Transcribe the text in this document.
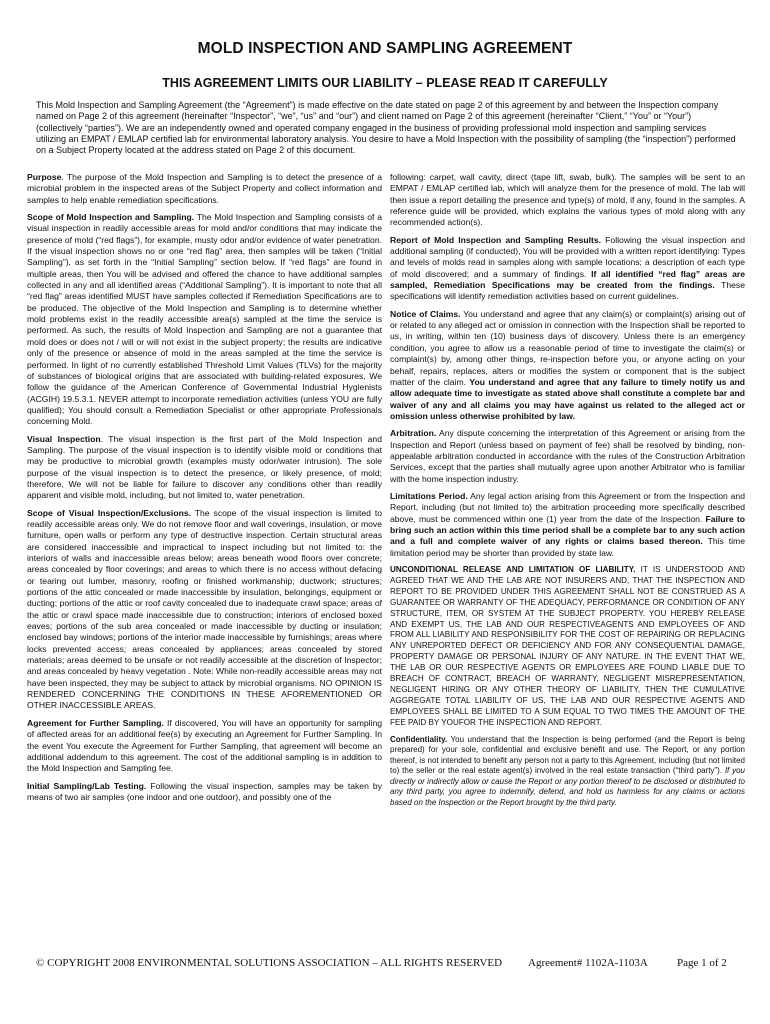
MOLD INSPECTION AND SAMPLING AGREEMENT
THIS AGREEMENT LIMITS OUR LIABILITY – PLEASE READ IT CAREFULLY
This Mold Inspection and Sampling Agreement (the “Agreement”) is made effective on the date stated on page 2 of this agreement by and between the Inspection company named on Page 2 of this agreement (hereinafter “Inspector”, “we”, “us” and “our”) and client named on Page 2 of this agreement (hereinafter “Client,” “You” or “Your”) (collectively “parties”). We are an independently owned and operated company engaged in the business of providing professional mold inspection and sampling services utilizing an EMPAT / EMLAP certified lab for environmental laboratory analysis. You desire to have a Mold Inspection with the possibility of sampling (the “inspection”) performed on a Subject Property located at the address stated on Page 2 of this document.

Purpose. The purpose of the Mold Inspection and Sampling is to detect the presence of a microbial problem in the inspected areas of the Subject Property and collect information and samples to help enable remediation specifications.

Scope of Mold Inspection and Sampling. The Mold Inspection and Sampling consists of a visual inspection in readily accessible areas for mold and/or conditions that may indicate the presence of mold (“red flags”), for example, musty odor and/or evidence of water penetration. If the visual inspection shows no or one “red flag” area, then samples will be taken (“Initial Sampling”), as set forth in the “Initial Sampling” section below. If “red flags” are found in multiple areas, then You will be advised and offered the chance to have additional samples collected in any and all identified areas (“Additional Sampling”). It is important to note that all “red flag” areas identified MUST have samples collected if Remediation Specifications are to be produced. The objective of the Mold Inspection and Sampling is to determine whether mold problems exist in the readily accessible area(s) sampled at the time the service is performed. As such, the results of Mold Inspection and Sampling are not a guarantee that mold does or does not / will or will not exist in the subject property; the results are indicative only of the presence or absence of mold in the areas sampled at the time the service is performed. In light of no currently established Threshold Limit Values (TLVs) for the majority of substances of biological origins that are associated with building-related exposures, We follow the guidance of the American Conference of Governmental Industrial Hygienists (ACGIH) 19.5.3.1. NEVER attempt to incorporate remediation activities (unless YOU are fully qualified); You should consult a Remediation Specialist or other appropriate Professionals concerning Mold.

Visual Inspection. The visual inspection is the first part of the Mold Inspection and Sampling. The purpose of the visual inspection is to identify visible mold or conditions that may be productive to microbial growth (examples musty odor/water intrusion). The sole purpose of the visual inspection is to detect the presence, or likely presence, of mold; therefore, We will not be liable for failure to discover any conditions other than readily apparent and visible mold, including, but not limited to, water penetration.

Scope of Visual Inspection/Exclusions. The scope of the visual inspection is limited to readily accessible areas only. We do not remove floor and wall coverings, insulation, or move furniture, open walls or perform any type of destructive inspection. Certain structural areas are considered inaccessible and impractical to inspect including but not limited to: the interiors of walls and inaccessible areas below; areas beneath wood floors over concrete; areas concealed by floor coverings; and areas to which there is no access without defacing or tearing out lumber, masonry, roofing or finished workmanship; ductwork; structures; portions of the attic concealed or made inaccessible by insulation, belongings, equipment or ducting; portions of the attic or roof cavity concealed due to inadequate crawl space; areas of the attic or crawl space made inaccessible due to construction; interiors of enclosed boxed eaves; portions of the sub area concealed or made inaccessible by ducting or insulation; enclosed bay windows; portions of the interior made inaccessible by furnishings; areas where locks prevented access; areas concealed by appliances; areas concealed by stored materials; areas deemed to be unsafe or not readily accessible at the discretion of Inspector; and areas concealed by heavy vegetation . Note: While non-readily accessible areas may not have been inspected, they may be subject to attack by microbial organisms. NO OPINION IS RENDERED CONCERNING THE CONDITIONS IN THESE AFOREMENTIONED OR OTHER INACCESSIBLE AREAS.

Agreement for Further Sampling. If discovered, You will have an opportunity for sampling of affected areas for an additional fee(s) by executing an Agreement for Further Sampling. In the event You execute the Agreement for Further Sampling, that agreement will become an additional addendum to this agreement. The cost of the additional sampling is in addition to the Mold Inspection and Sampling fee.

Initial Sampling/Lab Testing. Following the visual inspection, samples may be taken by means of two air samples (one indoor and one outdoor), and possibly one of the

following: carpet, wall cavity, direct (tape lift, swab, bulk). The samples will be sent to an EMPAT / EMLAP certified lab, which will analyze them for the presence of mold. The lab will then issue a report detailing the presence and type(s) of mold, if any, found in the samples. A reference guide will be provided, which explains the various types of mold along with any recommended action(s).

Report of Mold Inspection and Sampling Results. Following the visual inspection and additional sampling (if conducted), You will be provided with a written report identifying: Types and levels of molds read in samples along with sample locations; a description of each type of mold discovered; and a summary of findings. If all identified “red flag” areas are sampled, Remediation Specifications may be created from the findings. These specifications will identify remediation activities based on current guidelines.

Notice of Claims. You understand and agree that any claim(s) or complaint(s) arising out of or related to any alleged act or omission in connection with the Inspection shall be reported to us, in writing, within ten (10) business days of discovery. Unless there is an emergency condition, you agree to allow us a reasonable period of time to investigate the claim(s) or complaint(s) by, among other things, re-inspection before you, or anyone acting on your behalf, repairs, replaces, alters or modifies the system or component that is the subject matter of the claim. You understand and agree that any failure to timely notify us and allow adequate time to investigate as stated above shall constitute a complete bar and waiver of any and all claims you may have against us related to the alleged act or omission unless otherwise prohibited by law.

Arbitration. Any dispute concerning the interpretation of this Agreement or arising from the Inspection and Report (unless based on payment of fee) shall be resolved by binding, non-appealable arbitration conducted in accordance with the rules of the Construction Arbitration Services, except that the parties shall mutually agree upon another Arbitrator who is familiar with the home inspection industry.

Limitations Period. Any legal action arising from this Agreement or from the Inspection and Report, including (but not limited to) the arbitration proceeding more specifically described above, must be commenced within one (1) year from the date of the Inspection. Failure to bring such an action within this time period shall be a complete bar to any such action and a full and complete waiver of any rights or claims based thereon. This time limitation period may be shorter than provided by state law.

UNCONDITIONAL RELEASE AND LIMITATION OF LIABILITY. IT IS UNDERSTOOD AND AGREED THAT WE AND THE LAB ARE NOT INSURERS AND, THAT THE INSPECTION AND REPORT TO BE PROVIDED UNDER THIS AGREEMENT SHALL NOT BE CONSTRUED AS A GUARANTEE OR WARRANTY OF THE ADEQUACY, PERFORMANCE OR CONDITION OF ANY STRUCTURE, ITEM, OR SYSTEM AT THE SUBJECT PROPERTY. YOU HEREBY RELEASE AND EXEMPT US, THE LAB AND OUR RESPECTIVEAGENTS AND EMPLOYEES OF AND FROM ALL LIABILITY AND RESPONSIBILITY FOR THE COST OF REPAIRING OR REPLACING ANY UNREPORTED DEFECT OR DEFICIENCY AND FOR ANY CONSEQUENTIAL DAMAGE, PROPERTY DAMAGE OR PERSONAL INJURY OF ANY NATURE. IN THE EVENT THAT WE, THE LAB OR OUR RESPECTIVE AGENTS OR EMPLOYEES ARE FOUND LIABLE DUE TO BREACH OF CONTRACT, BREACH OF WARRANTY, NEGLIGENT MISREPRESENTATION, NEGLIGENT HIRING OR ANY OTHER THEORY OF LIABILITY, THEN THE CUMULATIVE AGGREGATE TOTAL LIABILITY OF US, THE LAB AND OUR RESPECTIVE AGENTS AND EMPLOYEES SHALL BE LIMITED TO A SUM EQUAL TO TWO TIMES THE AMOUNT OF THE FEE PAID BY YOUFOR THE INSPECTION AND REPORT.

Confidentiality. You understand that the Inspection is being performed (and the Report is being prepared) for your sole, confidential and exclusive benefit and use. The Report, or any portion thereof, is not intended to benefit any person not a party to this Agreement, including (but not limited to) the seller or the real estate agent(s) involved in the real estate transaction (“third party”). If you directly or indirectly allow or cause the Report or any portion thereof to be disclosed or distributed to any third party, you agree to indemnify, defend, and hold us harmless for any claims or actions based on the Inspection or the Report brought by the third party.

© COPYRIGHT 2008 ENVIRONMENTAL SOLUTIONS ASSOCIATION – ALL RIGHTS RESERVED Agreement# 1102A-1103A	Page 1 of 2
